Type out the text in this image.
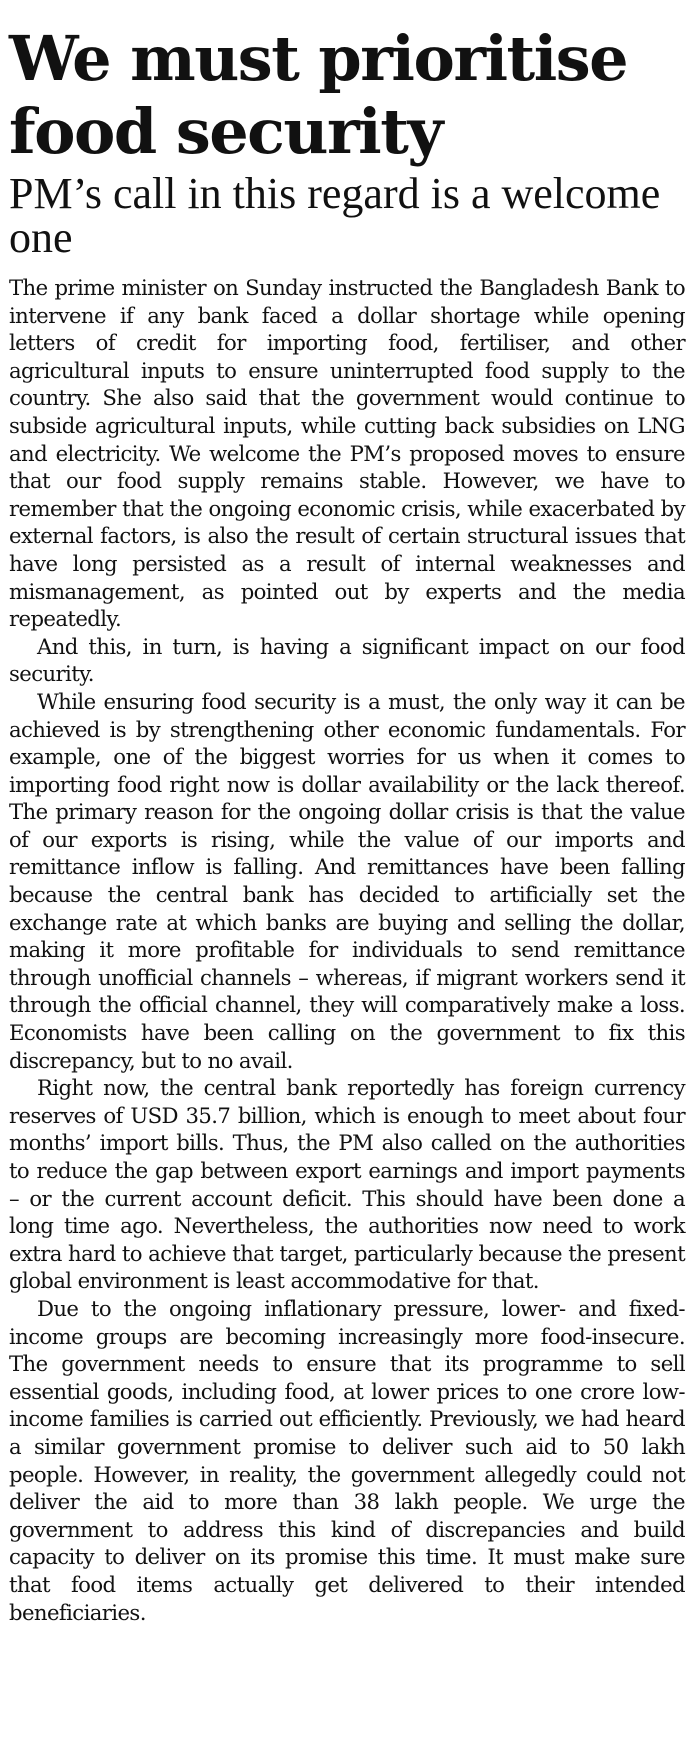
We must prioritise food security
PM’s call in this regard is a welcome one

The prime minister on Sunday instructed the Bangladesh Bank to intervene if any bank faced a dollar shortage while opening letters of credit for importing food, fertiliser, and other agricultural inputs to ensure uninterrupted food supply to the country. She also said that the government would continue to subside agricultural inputs, while cutting back subsidies on LNG and electricity. We welcome the PM’s proposed moves to ensure that our food supply remains stable. However, we have to remember that the ongoing economic crisis, while exacerbated by external factors, is also the result of certain structural issues that have long persisted as a result of internal weaknesses and mismanagement, as pointed out by experts and the media repeatedly.

And this, in turn, is having a significant impact on our food security.

While ensuring food security is a must, the only way it can be achieved is by strengthening other economic fundamentals. For example, one of the biggest worries for us when it comes to importing food right now is dollar availability or the lack thereof. The primary reason for the ongoing dollar crisis is that the value of our exports is rising, while the value of our imports and remittance inflow is falling. And remittances have been falling because the central bank has decided to artificially set the exchange rate at which banks are buying and selling the dollar, making it more profitable for individuals to send remittance through unofficial channels – whereas, if migrant workers send it through the official channel, they will comparatively make a loss. Economists have been calling on the government to fix this discrepancy, but to no avail.

Right now, the central bank reportedly has foreign currency reserves of USD 35.7 billion, which is enough to meet about four months’ import bills. Thus, the PM also called on the authorities to reduce the gap between export earnings and import payments – or the current account deficit. This should have been done a long time ago. Nevertheless, the authorities now need to work extra hard to achieve that target, particularly because the present global environment is least accommodative for that.

Due to the ongoing inflationary pressure, lower- and fixed-income groups are becoming increasingly more food-insecure. The government needs to ensure that its programme to sell essential goods, including food, at lower prices to one crore low-income families is carried out efficiently. Previously, we had heard a similar government promise to deliver such aid to 50 lakh people. However, in reality, the government allegedly could not deliver the aid to more than 38 lakh people. We urge the government to address this kind of discrepancies and build capacity to deliver on its promise this time. It must make sure that food items actually get delivered to their intended beneficiaries.
